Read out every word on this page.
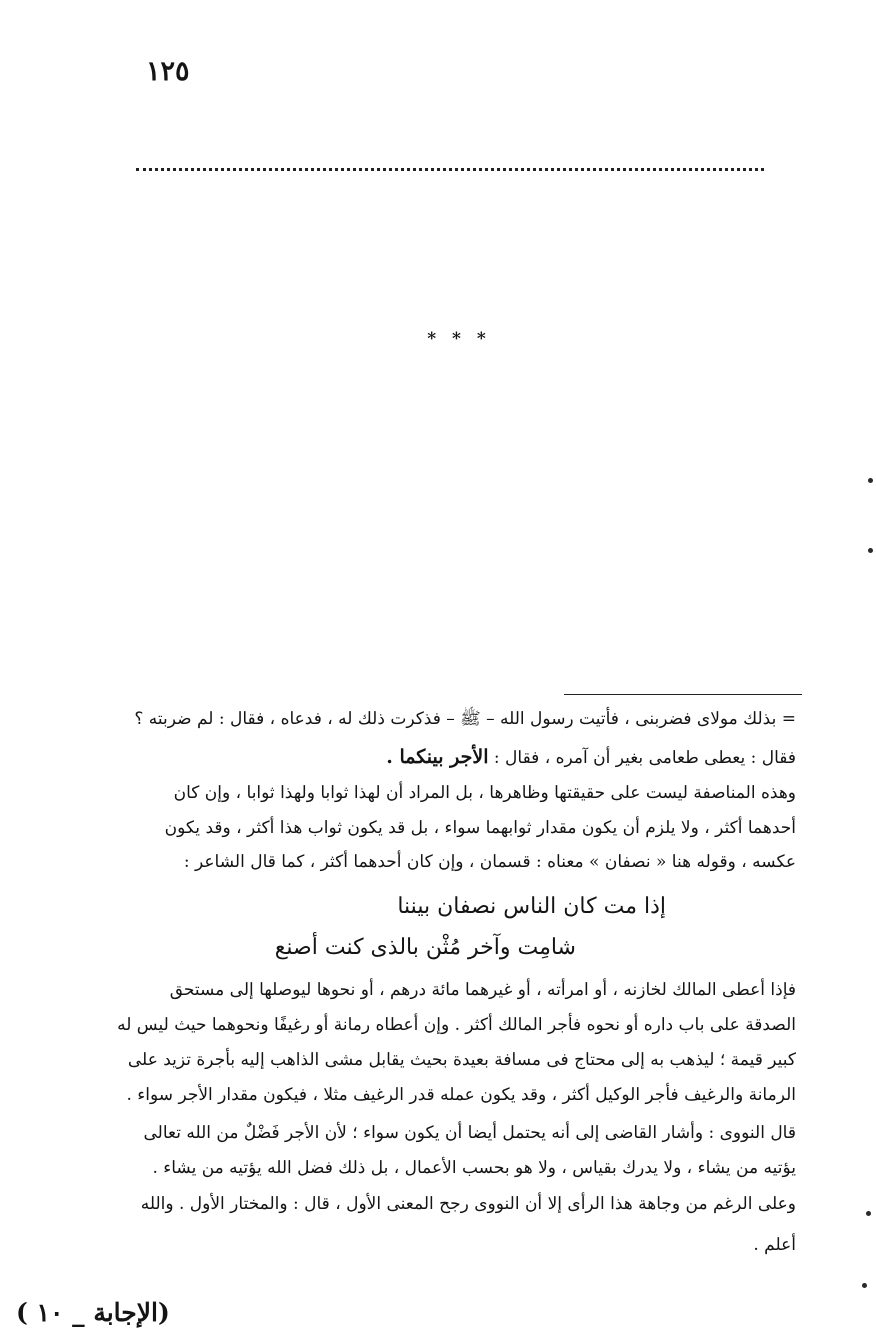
١٢٥
* * *
= بذلك مولاى فضربنى ، فأتيت رسول الله – ﷺ – فذكرت ذلك له ، فدعاه ، فقال : لم ضربته ؟
فقال : يعطى طعامى بغير أن آمره ، فقال : الأجر بينكما .
وهذه المناصفة ليست على حقيقتها وظاهرها ، بل المراد أن لهذا ثوابا ولهذا ثوابا ، وإن كان
أحدهما أكثر ، ولا يلزم أن يكون مقدار ثوابهما سواء ، بل قد يكون ثواب هذا أكثر ، وقد يكون
عكسه ، وقوله هنا « نصفان » معناه : قسمان ، وإن كان أحدهما أكثر ، كما قال الشاعر :
إذا مت كان الناس نصفان بيننا
شامِت وآخر مُثْن بالذى كنت أصنع
فإذا أعطى المالك لخازنه ، أو امرأته ، أو غيرهما مائة درهم ، أو نحوها ليوصلها إلى مستحق
الصدقة على باب داره أو نحوه فأجر المالك أكثر . وإن أعطاه رمانة أو رغيفًا ونحوهما حيث ليس له
كبير قيمة ؛ ليذهب به إلى محتاج فى مسافة بعيدة بحيث يقابل مشى الذاهب إليه بأجرة تزيد على
الرمانة والرغيف فأجر الوكيل أكثر ، وقد يكون عمله قدر الرغيف مثلا ، فيكون مقدار الأجر سواء .
قال النووى : وأشار القاضى إلى أنه يحتمل أيضا أن يكون سواء ؛ لأن الأجر فَضْلٌ من الله تعالى
يؤتيه من يشاء ، ولا يدرك بقياس ، ولا هو بحسب الأعمال ، بل ذلك فضل الله يؤتيه من يشاء .
وعلى الرغم من وجاهة هذا الرأى إلا أن النووى رجح المعنى الأول ، قال : والمختار الأول . والله
أعلم .
(الإجابة _ ١٠ )
